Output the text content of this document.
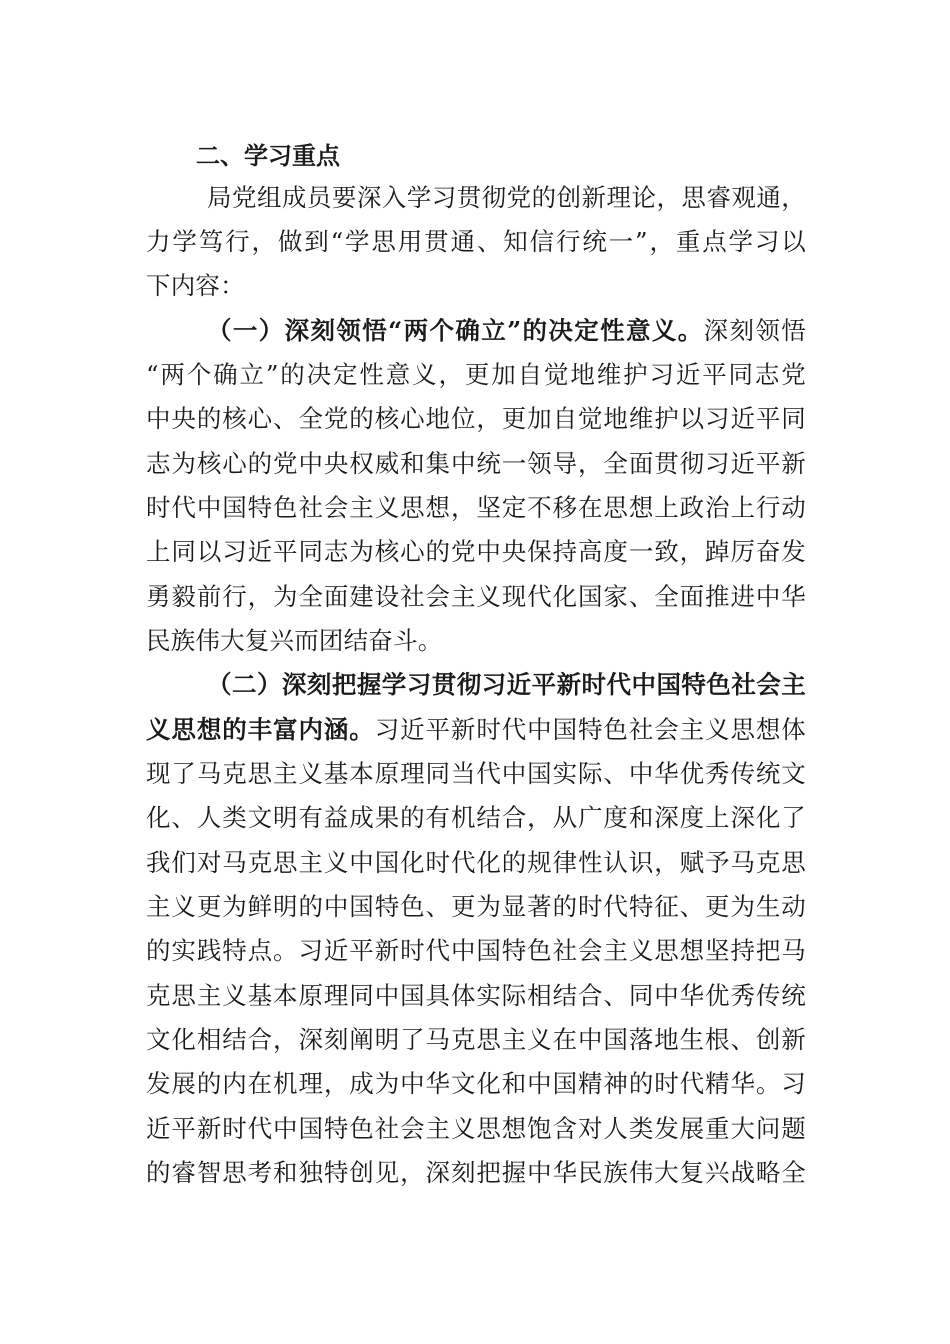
二、学习重点
局党组成员要深入学习贯彻党的创新理论，思睿观通，
力学笃行，做到“学思用贯通、知信行统一”，重点学习以
下内容：
（一）深刻领悟“两个确立”的决定性意义。深刻领悟
“两个确立”的决定性意义，更加自觉地维护习近平同志党
中央的核心、全党的核心地位，更加自觉地维护以习近平同
志为核心的党中央权威和集中统一领导，全面贯彻习近平新
时代中国特色社会主义思想，坚定不移在思想上政治上行动
上同以习近平同志为核心的党中央保持高度一致，踔厉奋发
勇毅前行，为全面建设社会主义现代化国家、全面推进中华
民族伟大复兴而团结奋斗。
（二）深刻把握学习贯彻习近平新时代中国特色社会主
义思想的丰富内涵。习近平新时代中国特色社会主义思想体
现了马克思主义基本原理同当代中国实际、中华优秀传统文
化、人类文明有益成果的有机结合，从广度和深度上深化了
我们对马克思主义中国化时代化的规律性认识，赋予马克思
主义更为鲜明的中国特色、更为显著的时代特征、更为生动
的实践特点。习近平新时代中国特色社会主义思想坚持把马
克思主义基本原理同中国具体实际相结合、同中华优秀传统
文化相结合，深刻阐明了马克思主义在中国落地生根、创新
发展的内在机理，成为中华文化和中国精神的时代精华。习
近平新时代中国特色社会主义思想饱含对人类发展重大问题
的睿智思考和独特创见，深刻把握中华民族伟大复兴战略全
